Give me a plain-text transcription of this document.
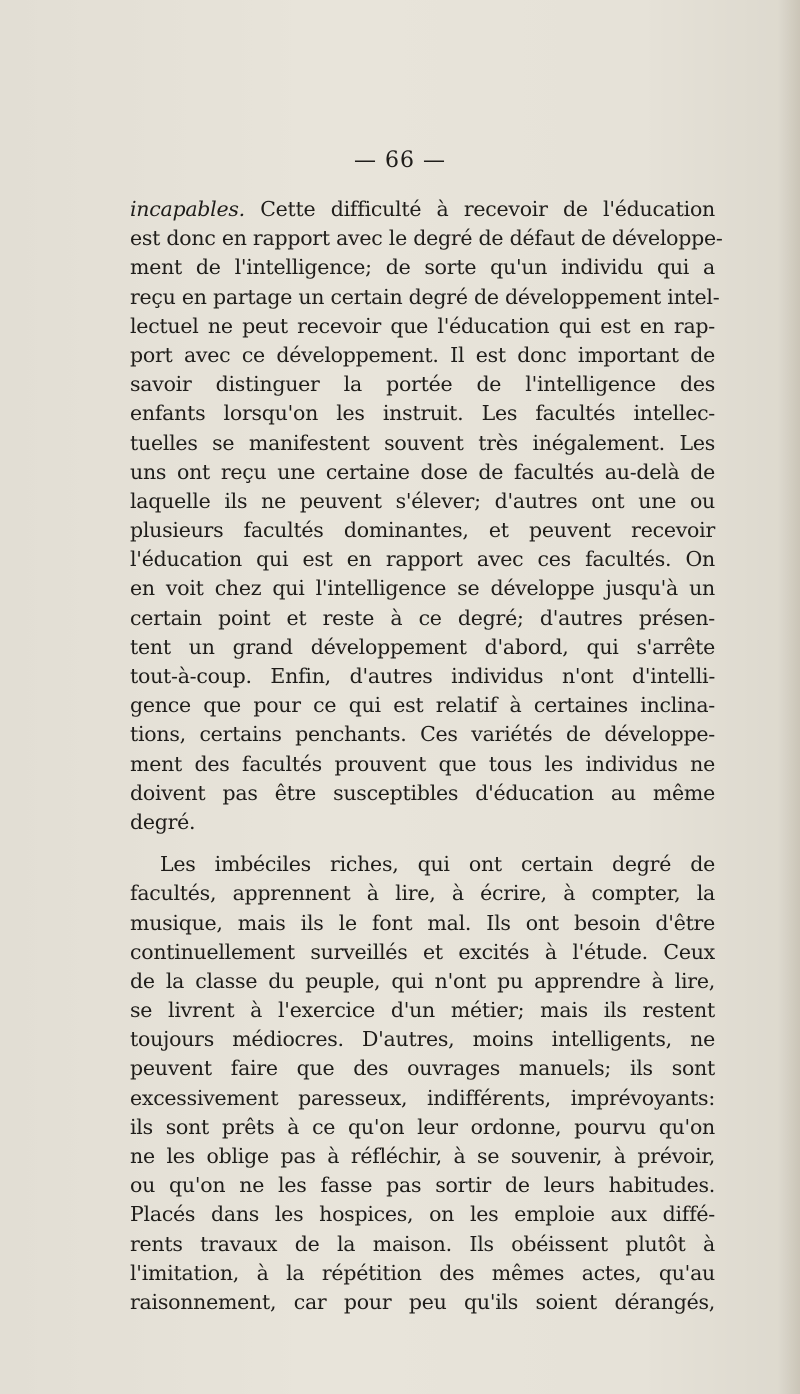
— 66 —
incapables. Cette difficulté à recevoir de l'éducation
est donc en rapport avec le degré de défaut de développe-
ment de l'intelligence; de sorte qu'un individu qui a
reçu en partage un certain degré de développement intel-
lectuel ne peut recevoir que l'éducation qui est en rap-
port avec ce développement. Il est donc important de
savoir distinguer la portée de l'intelligence des
enfants lorsqu'on les instruit. Les facultés intellec-
tuelles se manifestent souvent très inégalement. Les
uns ont reçu une certaine dose de facultés au-delà de
laquelle ils ne peuvent s'élever; d'autres ont une ou
plusieurs facultés dominantes, et peuvent recevoir
l'éducation qui est en rapport avec ces facultés. On
en voit chez qui l'intelligence se développe jusqu'à un
certain point et reste à ce degré; d'autres présen-
tent un grand développement d'abord, qui s'arrête
tout-à-coup. Enfin, d'autres individus n'ont d'intelli-
gence que pour ce qui est relatif à certaines inclina-
tions, certains penchants. Ces variétés de développe-
ment des facultés prouvent que tous les individus ne
doivent pas être susceptibles d'éducation au même
degré.
Les imbéciles riches, qui ont certain degré de
facultés, apprennent à lire, à écrire, à compter, la
musique, mais ils le font mal. Ils ont besoin d'être
continuellement surveillés et excités à l'étude. Ceux
de la classe du peuple, qui n'ont pu apprendre à lire,
se livrent à l'exercice d'un métier; mais ils restent
toujours médiocres. D'autres, moins intelligents, ne
peuvent faire que des ouvrages manuels; ils sont
excessivement paresseux, indifférents, imprévoyants:
ils sont prêts à ce qu'on leur ordonne, pourvu qu'on
ne les oblige pas à réfléchir, à se souvenir, à prévoir,
ou qu'on ne les fasse pas sortir de leurs habitudes.
Placés dans les hospices, on les emploie aux diffé-
rents travaux de la maison. Ils obéissent plutôt à
l'imitation, à la répétition des mêmes actes, qu'au
raisonnement, car pour peu qu'ils soient dérangés,
